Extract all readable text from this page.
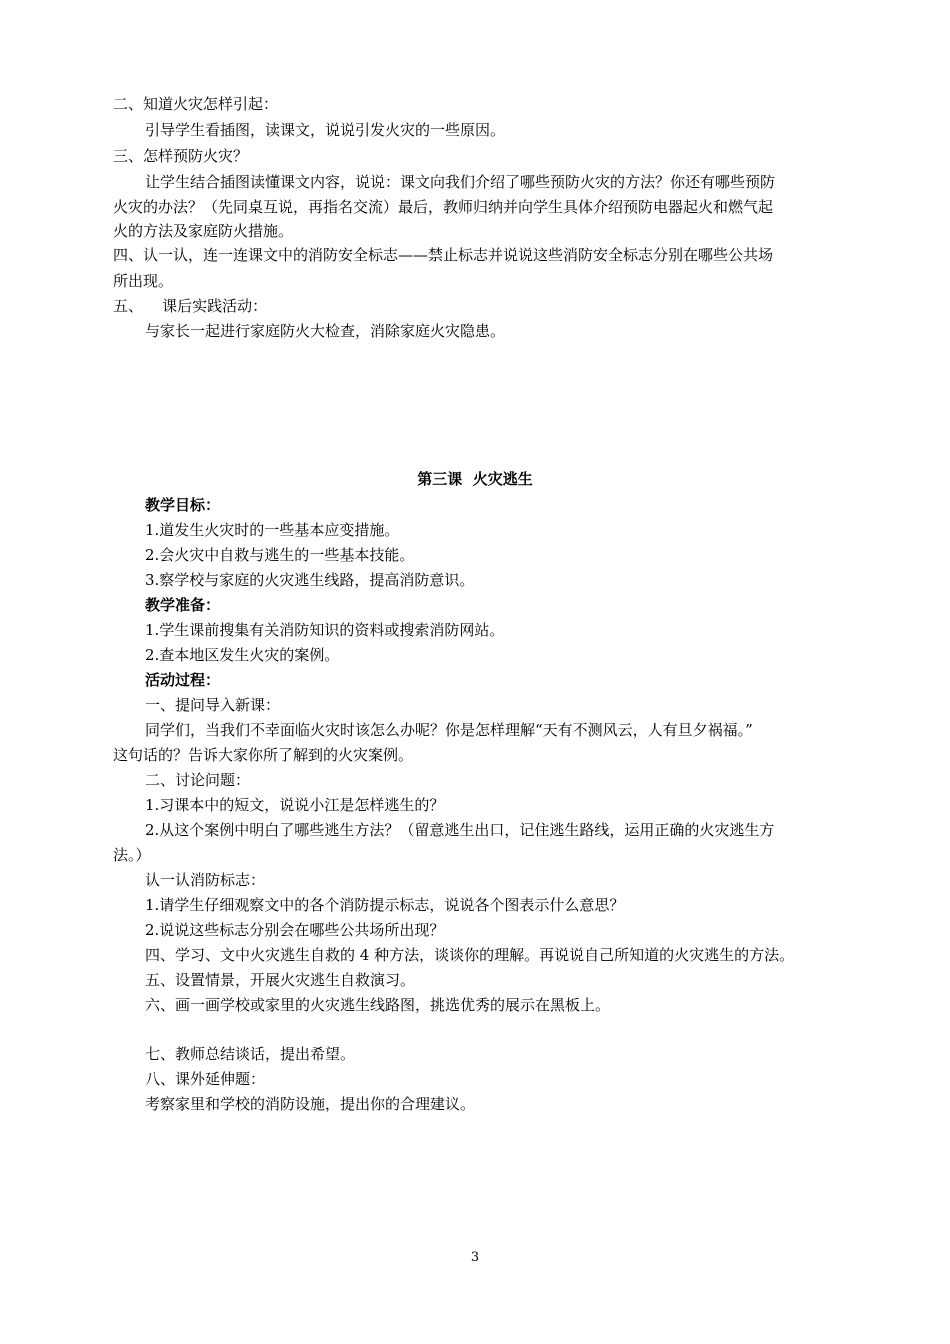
二、知道火灾怎样引起：
引导学生看插图，读课文，说说引发火灾的一些原因。
三、怎样预防火灾？
让学生结合插图读懂课文内容，说说：课文向我们介绍了哪些预防火灾的方法？你还有哪些预防
火灾的办法？（先同桌互说，再指名交流）最后，教师归纳并向学生具体介绍预防电器起火和燃气起
火的方法及家庭防火措施。
四、认一认，连一连课文中的消防安全标志——禁止标志并说说这些消防安全标志分别在哪些公共场
所出现。
五、    课后实践活动：
与家长一起进行家庭防火大检查，消除家庭火灾隐患。
第三课  火灾逃生
教学目标：
1.道发生火灾时的一些基本应变措施。
2.会火灾中自救与逃生的一些基本技能。
3.察学校与家庭的火灾逃生线路，提高消防意识。
教学准备：
1.学生课前搜集有关消防知识的资料或搜索消防网站。
2.查本地区发生火灾的案例。
活动过程：
一、提问导入新课：
同学们，当我们不幸面临火灾时该怎么办呢？你是怎样理解“天有不测风云，人有旦夕祸福。”
这句话的？告诉大家你所了解到的火灾案例。
二、讨论问题：
1.习课本中的短文，说说小江是怎样逃生的？
2.从这个案例中明白了哪些逃生方法？（留意逃生出口，记住逃生路线，运用正确的火灾逃生方
法。）
认一认消防标志：
1.请学生仔细观察文中的各个消防提示标志，说说各个图表示什么意思？
2.说说这些标志分别会在哪些公共场所出现？
四、学习、文中火灾逃生自救的 4 种方法，谈谈你的理解。再说说自己所知道的火灾逃生的方法。
五、设置情景，开展火灾逃生自救演习。
六、画一画学校或家里的火灾逃生线路图，挑选优秀的展示在黑板上。
七、教师总结谈话，提出希望。
八、课外延伸题：
考察家里和学校的消防设施，提出你的合理建议。
3
